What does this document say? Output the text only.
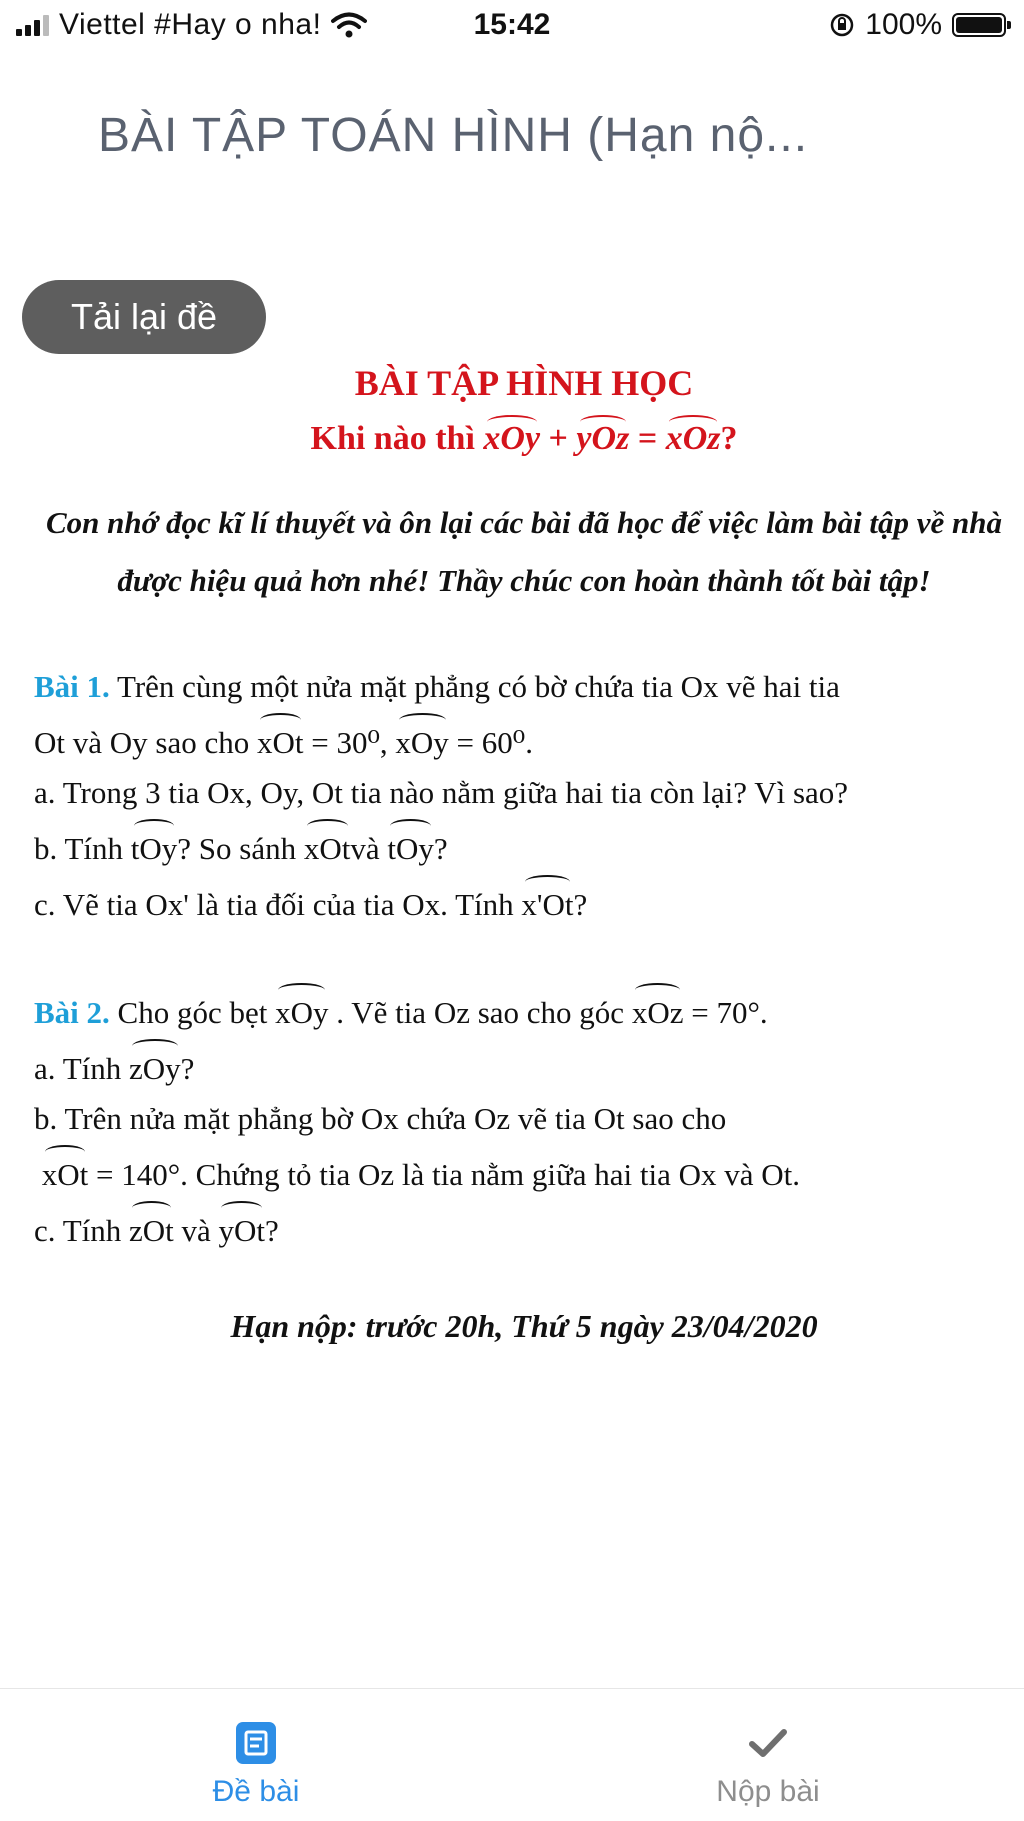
Viettel #Hay o nha!	15:42	100%
BÀI TẬP TOÁN HÌNH (Hạn nộ...
Tải lại đề
BÀI TẬP HÌNH HỌC
Khi nào thì xOy + yOz = xOz?
Con nhớ đọc kĩ lí thuyết và ôn lại các bài đã học để việc làm bài tập về nhà được hiệu quả hơn nhé! Thầy chúc con hoàn thành tốt bài tập!
Bài 1. Trên cùng một nửa mặt phẳng có bờ chứa tia Ox vẽ hai tia
Ot và Oy sao cho xOt = 30⁰, xOy = 60⁰.
a. Trong 3 tia Ox, Oy, Ot tia nào nằm giữa hai tia còn lại? Vì sao?
b. Tính tOy? So sánh xOtvà tOy?
c. Vẽ tia Ox' là tia đối của tia Ox. Tính x'Ot?
Bài 2. Cho góc bẹt xOy . Vẽ tia Oz sao cho góc xOz = 70°.
a. Tính zOy?
b. Trên nửa mặt phẳng bờ Ox chứa Oz vẽ tia Ot sao cho
xOt = 140°. Chứng tỏ tia Oz là tia nằm giữa hai tia Ox và Ot.
c. Tính zOt và yOt?
Hạn nộp: trước 20h, Thứ 5 ngày 23/04/2020
Đề bài	Nộp bài
